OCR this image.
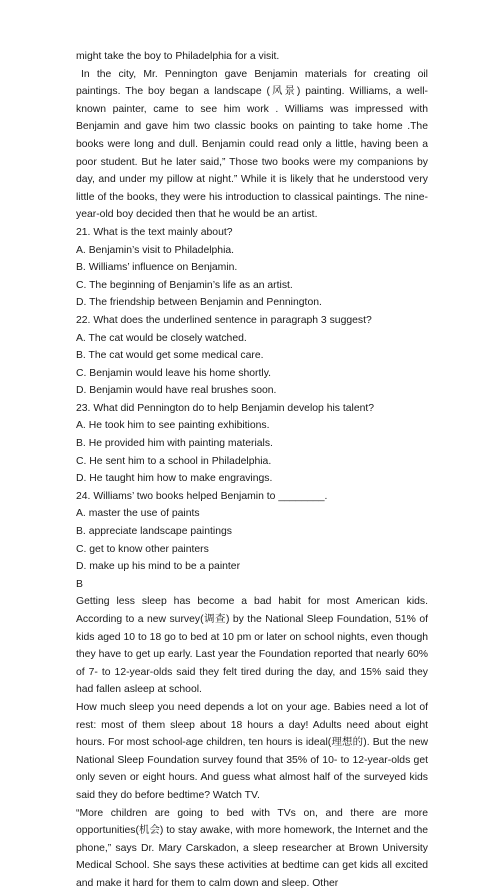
might take the boy to Philadelphia for a visit.

In the city, Mr. Pennington gave Benjamin materials for creating oil paintings. The boy began a landscape (风景) painting. Williams, a well-known painter, came to see him work . Williams was impressed with Benjamin and gave him two classic books on painting to take home .The books were long and dull. Benjamin could read only a little, having been a poor student. But he later said,” Those two books were my companions by day, and under my pillow at night.” While it is likely that he understood very little of the books, they were his introduction to classical paintings. The nine-year-old boy decided then that he would be an artist.

21. What is the text mainly about?

A. Benjamin’s visit to Philadelphia.

B. Williams’ influence on Benjamin.

C. The beginning of Benjamin’s life as an artist.

D. The friendship between Benjamin and Pennington.

22. What does the underlined sentence in paragraph 3 suggest?

A. The cat would be closely watched.

B. The cat would get some medical care.

C. Benjamin would leave his home shortly.

D. Benjamin would have real brushes soon.

23. What did Pennington do to help Benjamin develop his talent?

A. He took him to see painting exhibitions.

B. He provided him with painting materials.

C. He sent him to a school in Philadelphia.

D. He taught him how to make engravings.

24. Williams’ two books helped Benjamin to ________.

A. master the use of paints

B. appreciate landscape paintings

C. get to know other painters

D. make up his mind to be a painter

B

Getting less sleep has become a bad habit for most American kids. According to a new survey(调查) by the National Sleep Foundation, 51% of kids aged 10 to 18 go to bed at 10 pm or later on school nights, even though they have to get up early. Last year the Foundation reported that nearly 60% of 7- to 12-year-olds said they felt tired during the day, and 15% said they had fallen asleep at school.

How much sleep you need depends a lot on your age. Babies need a lot of rest: most of them sleep about 18 hours a day! Adults need about eight hours. For most school-age children, ten hours is ideal(理想的). But the new National Sleep Foundation survey found that 35% of 10- to 12-year-olds get only seven or eight hours. And guess what almost half of the surveyed kids said they do before bedtime? Watch TV.

“More children are going to bed with TVs on, and there are more opportunities(机会) to stay awake, with more homework, the Internet and the phone,” says Dr. Mary Carskadon, a sleep researcher at Brown University Medical School. She says these activities at bedtime can get kids all excited and make it hard for them to calm down and sleep. Other
